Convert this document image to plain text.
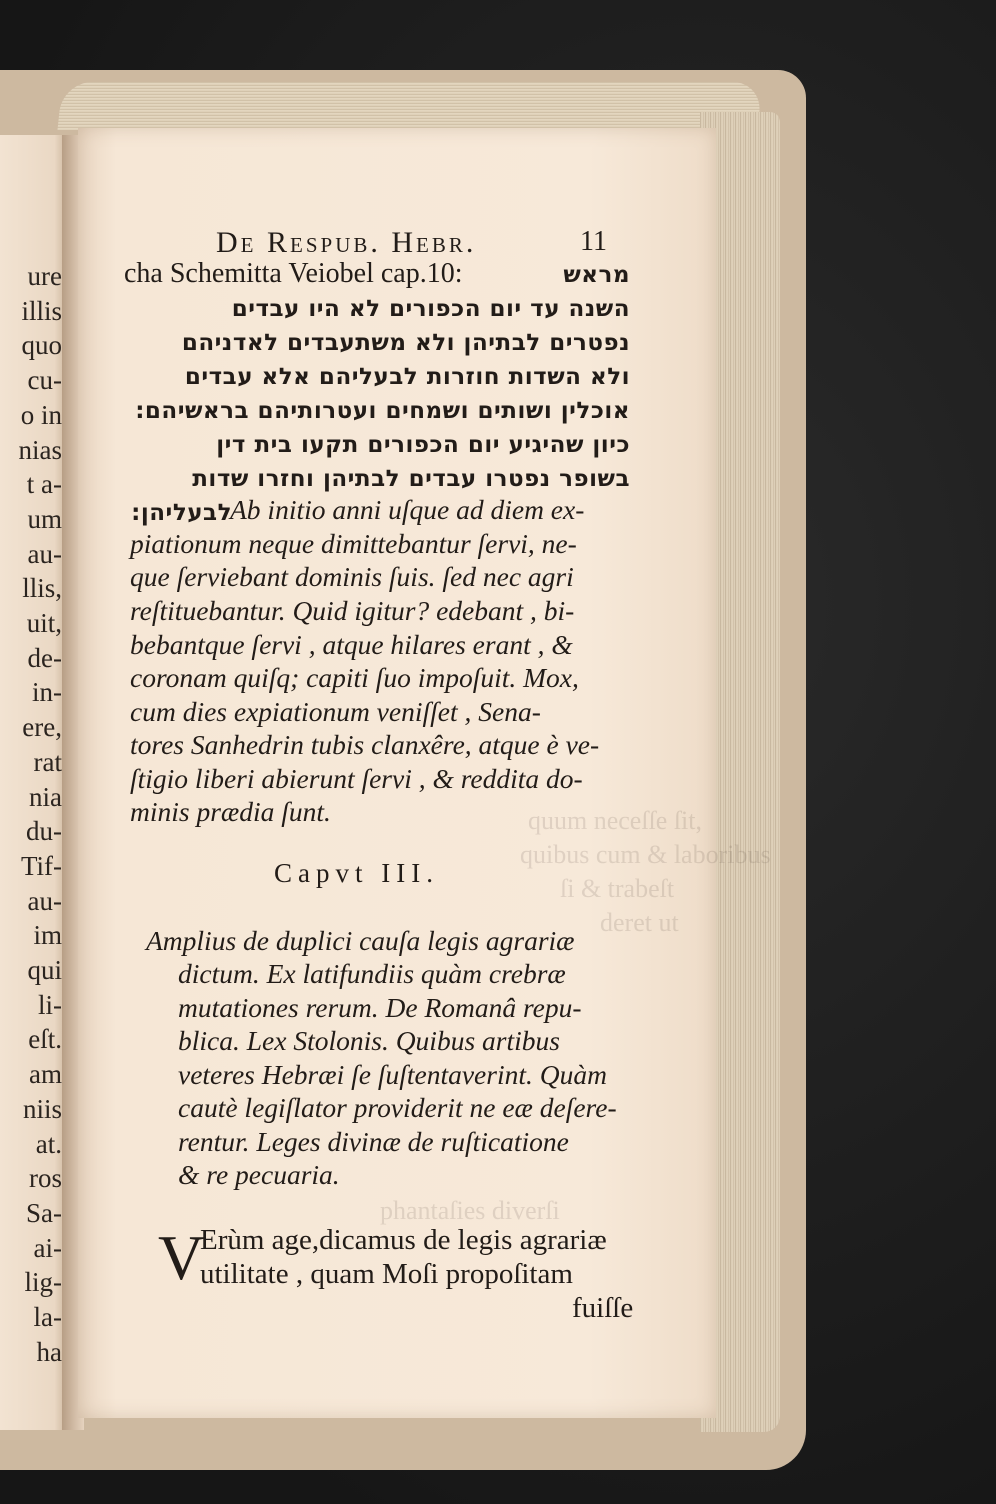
ure

illis

quo

cu-

o in

nias

t a-

um

au-

llis,

uit,

de-

in-

ere,

rat

nia

du-

Tif-

au-

im

qui

li-

eſt.

am

niis

at.

ros

Sa-

ai-

lig-

la-

ha

quum neceſſe ſit,

quibus cum & laboribus

ſi & trabeſt

deret ut

phantaſies diverſi

De Reſpub. Hebr.	11

cha Schemitta Veiobel cap.10:	מראש

השנה עד יום הכפורים לא היו עבדים

נפטרים לבתיהן ולא משתעבדים לאדניהם

ולא השדות חוזרות לבעליהם אלא עבדים

אוכלין ושותים ושמחים ועטרותיהם בראשיהם:

כיון שהיגיע יום הכפורים תקעו בית דין

בשופר נפטרו עבדים לבתיהן וחזרו שדות

לבעליהן:

Ab initio anni uſque ad diem ex-

piationum neque dimittebantur ſervi, ne-

que ſerviebant dominis ſuis. ſed nec agri

reſtituebantur. Quid igitur? edebant , bi-

bebantque ſervi , atque hilares erant , &

coronam quiſq; capiti ſuo impoſuit. Mox,

cum dies expiationum veniſſet , Sena-

tores Sanhedrin tubis clanxêre, atque è ve-

ſtigio liberi abierunt ſervi , & reddita do-

minis prædia ſunt.

Capvt III.

Amplius de duplici cauſa legis agrariæ

dictum. Ex latifundiis quàm crebræ

mutationes rerum. De Romanâ repu-

blica. Lex Stolonis. Quibus artibus

veteres Hebræi ſe ſuſtentaverint. Quàm

cautè legiſlator providerit ne eæ deſere-

rentur. Leges divinæ de ruſticatione

& re pecuaria.

V

Erùm age,dicamus de legis agrariæ

utilitate , quam Moſi propoſitam

fuiſſe
